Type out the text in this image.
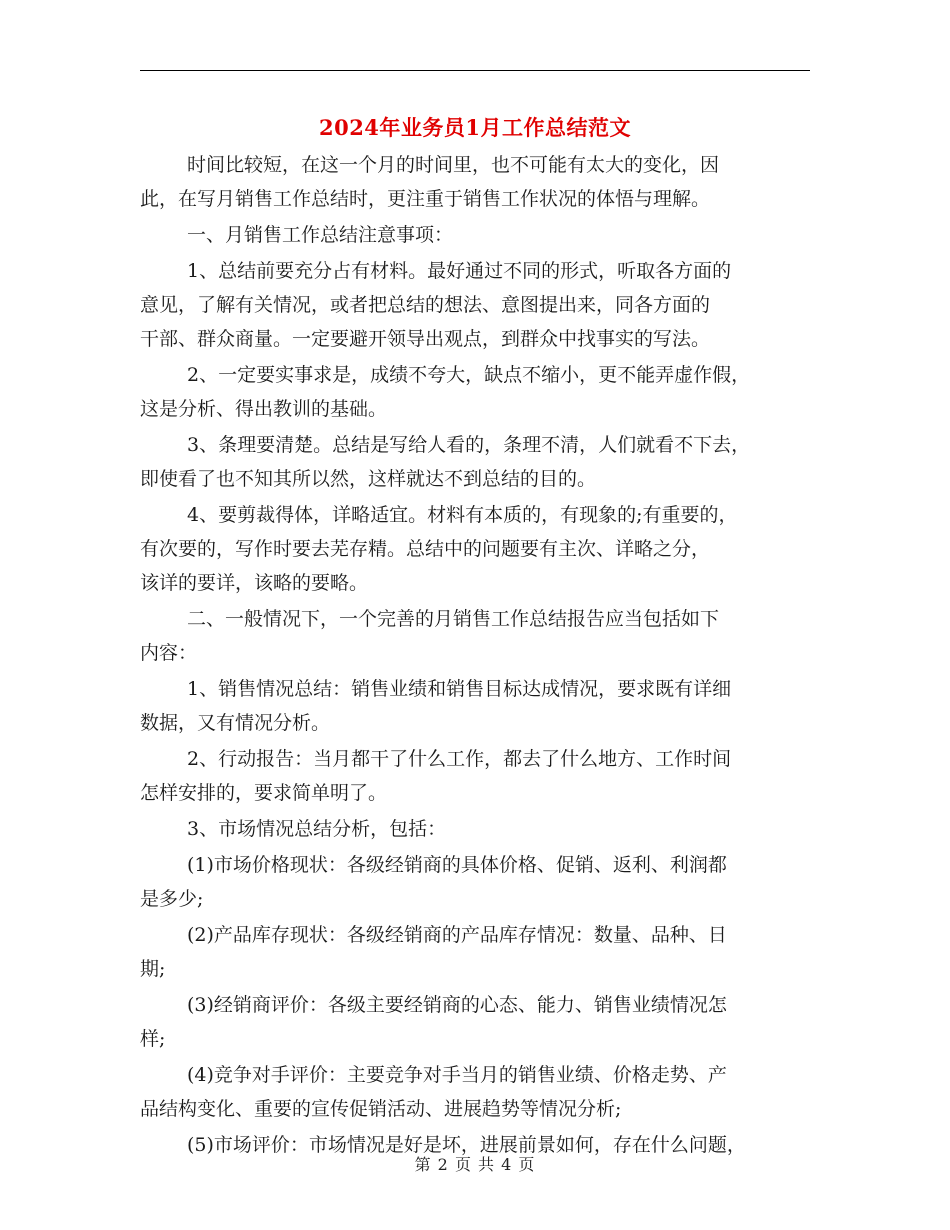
2024年业务员1月工作总结范文
时间比较短，在这一个月的时间里，也不可能有太大的变化，因
此，在写月销售工作总结时，更注重于销售工作状况的体悟与理解。
一、月销售工作总结注意事项：
1、总结前要充分占有材料。最好通过不同的形式，听取各方面的
意见，了解有关情况，或者把总结的想法、意图提出来，同各方面的
干部、群众商量。一定要避开领导出观点，到群众中找事实的写法。
2、一定要实事求是，成绩不夸大，缺点不缩小，更不能弄虚作假，
这是分析、得出教训的基础。
3、条理要清楚。总结是写给人看的，条理不清，人们就看不下去，
即使看了也不知其所以然，这样就达不到总结的目的。
4、要剪裁得体，详略适宜。材料有本质的，有现象的;有重要的，
有次要的，写作时要去芜存精。总结中的问题要有主次、详略之分，
该详的要详，该略的要略。
二、一般情况下，一个完善的月销售工作总结报告应当包括如下
内容：
1、销售情况总结：销售业绩和销售目标达成情况，要求既有详细
数据，又有情况分析。
2、行动报告：当月都干了什么工作，都去了什么地方、工作时间
怎样安排的，要求简单明了。
3、市场情况总结分析，包括：
(1)市场价格现状：各级经销商的具体价格、促销、返利、利润都
是多少;
(2)产品库存现状：各级经销商的产品库存情况：数量、品种、日
期;
(3)经销商评价：各级主要经销商的心态、能力、销售业绩情况怎
样;
(4)竞争对手评价：主要竞争对手当月的销售业绩、价格走势、产
品结构变化、重要的宣传促销活动、进展趋势等情况分析;
(5)市场评价：市场情况是好是坏，进展前景如何，存在什么问题，
第 2 页 共 4 页
